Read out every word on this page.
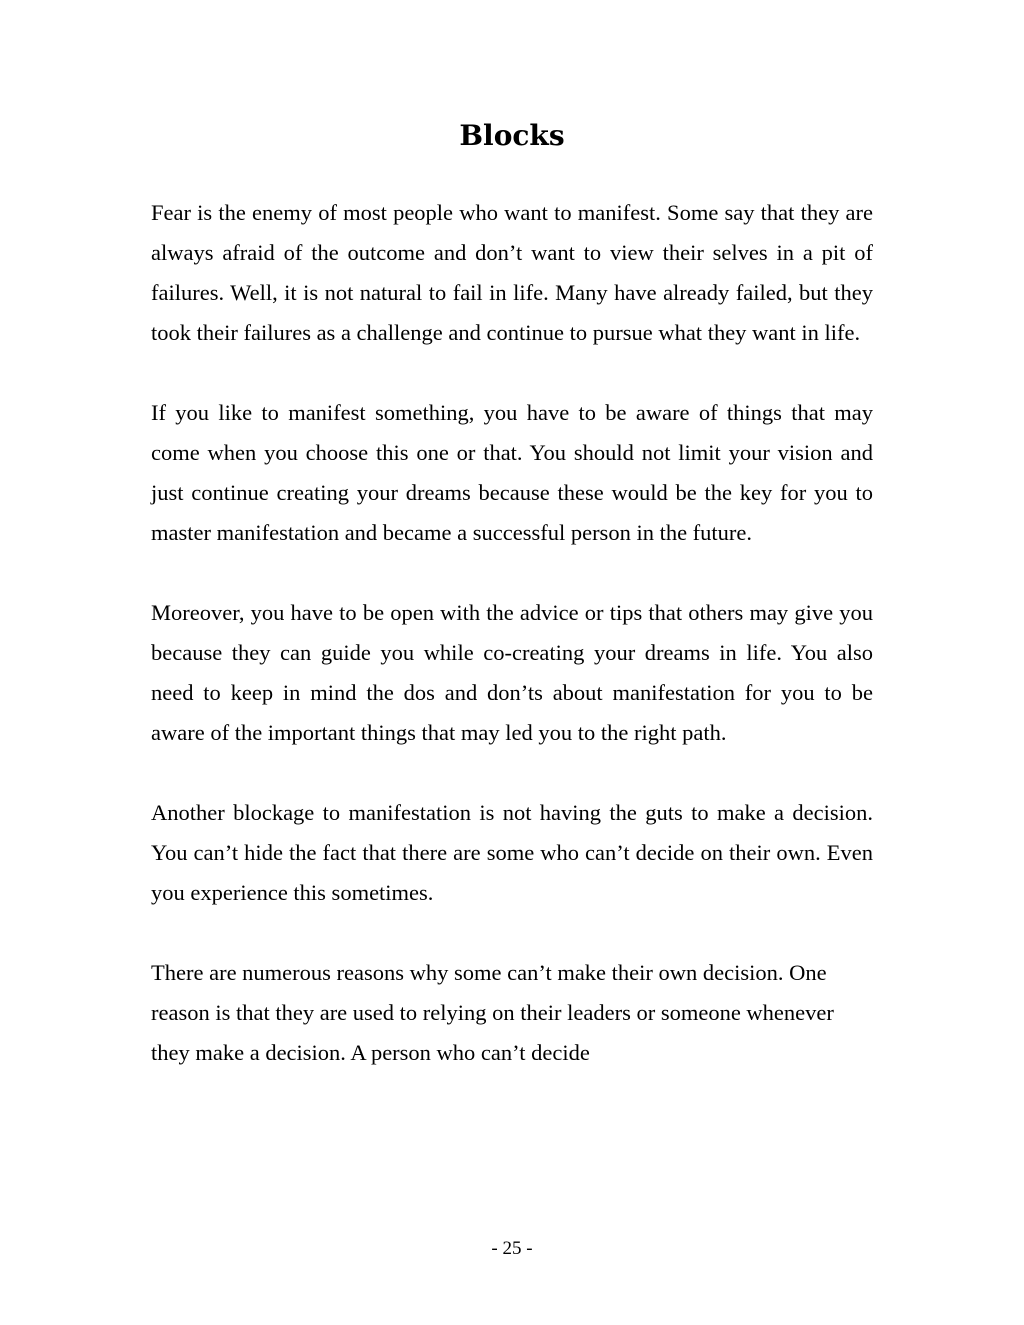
Blocks

Fear is the enemy of most people who want to manifest. Some say that they are always afraid of the outcome and don’t want to view their selves in a pit of failures. Well, it is not natural to fail in life. Many have already failed, but they took their failures as a challenge and continue to pursue what they want in life.

If you like to manifest something, you have to be aware of things that may come when you choose this one or that. You should not limit your vision and just continue creating your dreams because these would be the key for you to master manifestation and became a successful person in the future.

Moreover, you have to be open with the advice or tips that others may give you because they can guide you while co-creating your dreams in life. You also need to keep in mind the dos and don’ts about manifestation for you to be aware of the important things that may led you to the right path.

Another blockage to manifestation is not having the guts to make a decision. You can’t hide the fact that there are some who can’t decide on their own. Even you experience this sometimes.

There are numerous reasons why some can’t make their own decision. One reason is that they are used to relying on their leaders or someone whenever they make a decision. A person who can’t decide

- 25 -
